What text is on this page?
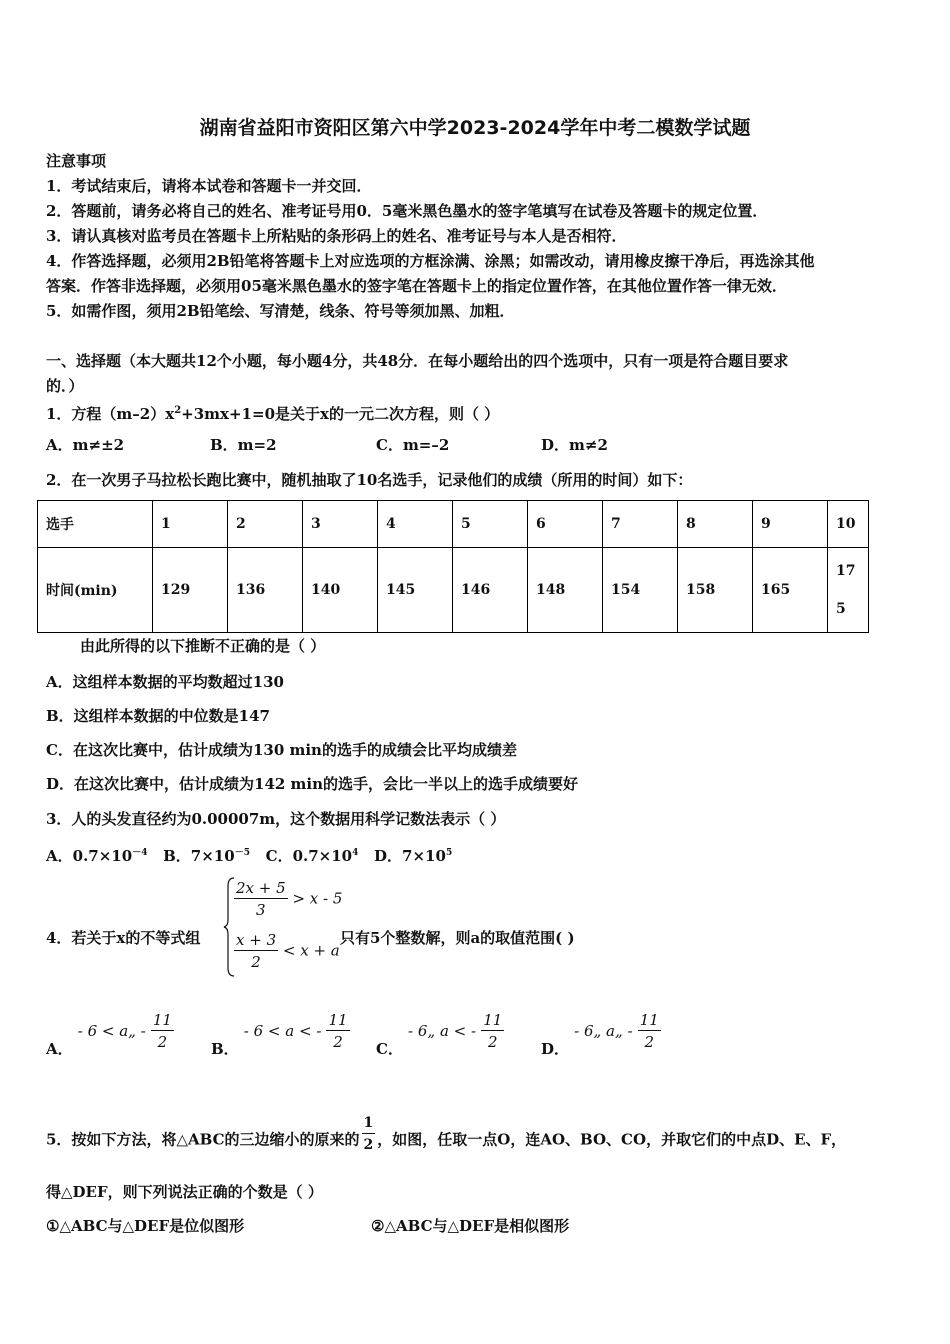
湖南省益阳市资阳区第六中学2023-2024学年中考二模数学试题
注意事项
1．考试结束后，请将本试卷和答题卡一并交回．
2．答题前，请务必将自己的姓名、准考证号用0．5毫米黑色墨水的签字笔填写在试卷及答题卡的规定位置．
3．请认真核对监考员在答题卡上所粘贴的条形码上的姓名、准考证号与本人是否相符．
4．作答选择题，必须用2B铅笔将答题卡上对应选项的方框涂满、涂黑；如需改动，请用橡皮擦干净后，再选涂其他
答案．作答非选择题，必须用05毫米黑色墨水的签字笔在答题卡上的指定位置作答，在其他位置作答一律无效．
5．如需作图，须用2B铅笔绘、写清楚，线条、符号等须加黑、加粗．
一、选择题（本大题共12个小题，每小题4分，共48分．在每小题给出的四个选项中，只有一项是符合题目要求
的．）
1．方程$(m-2)x^2+3mx+1=0$是关于x的一元二次方程，则（ ）
A．m≠±2	B．m=2	C．m=–2	D．m≠2
2．在一次男子马拉松长跑比赛中，随机抽取了10名选手，记录他们的成绩（所用的时间）如下：
选手	1	2	3	4	5	6	7	8	9	10
时间(min)	129	136	140	145	146	148	154	158	165	17
5
由此所得的以下推断不正确的是（ ）
A．这组样本数据的平均数超过130
B．这组样本数据的中位数是147
C．在这次比赛中，估计成绩为130 min的选手的成绩会比平均成绩差
D．在这次比赛中，估计成绩为142 min的选手，会比一半以上的选手成绩要好
3．人的头发直径约为0.00007m，这个数据用科学记数法表示（ ）
A．$0.7\times 10^{-4}$ B．$7\times 10^{-5}$ C．$0.7\times 10^4$ D．$7\times 10^5$
4．若关于x的不等式组
$\frac{2x + 5}{3} > x - 5$
$\frac{x + 3}{2} < x + a$
只有5个整数解，则a的取值范围( )
A． - 6 < a„ - $\frac{11}{2}$ B． - 6 < a < - $\frac{11}{2}$ C． - 6„ a < - $\frac{11}{2}$ D． - 6„ a„ - $\frac{11}{2}$
5．按如下方法，将△ABC的三边缩小的原来的 $\frac{1}{2}$ ，如图，任取一点O，连AO、BO、CO，并取它们的中点D、E、F，
得△DEF，则下列说法正确的个数是（ ）
①△ABC与△DEF是位似图形	②△ABC与△DEF是相似图形
